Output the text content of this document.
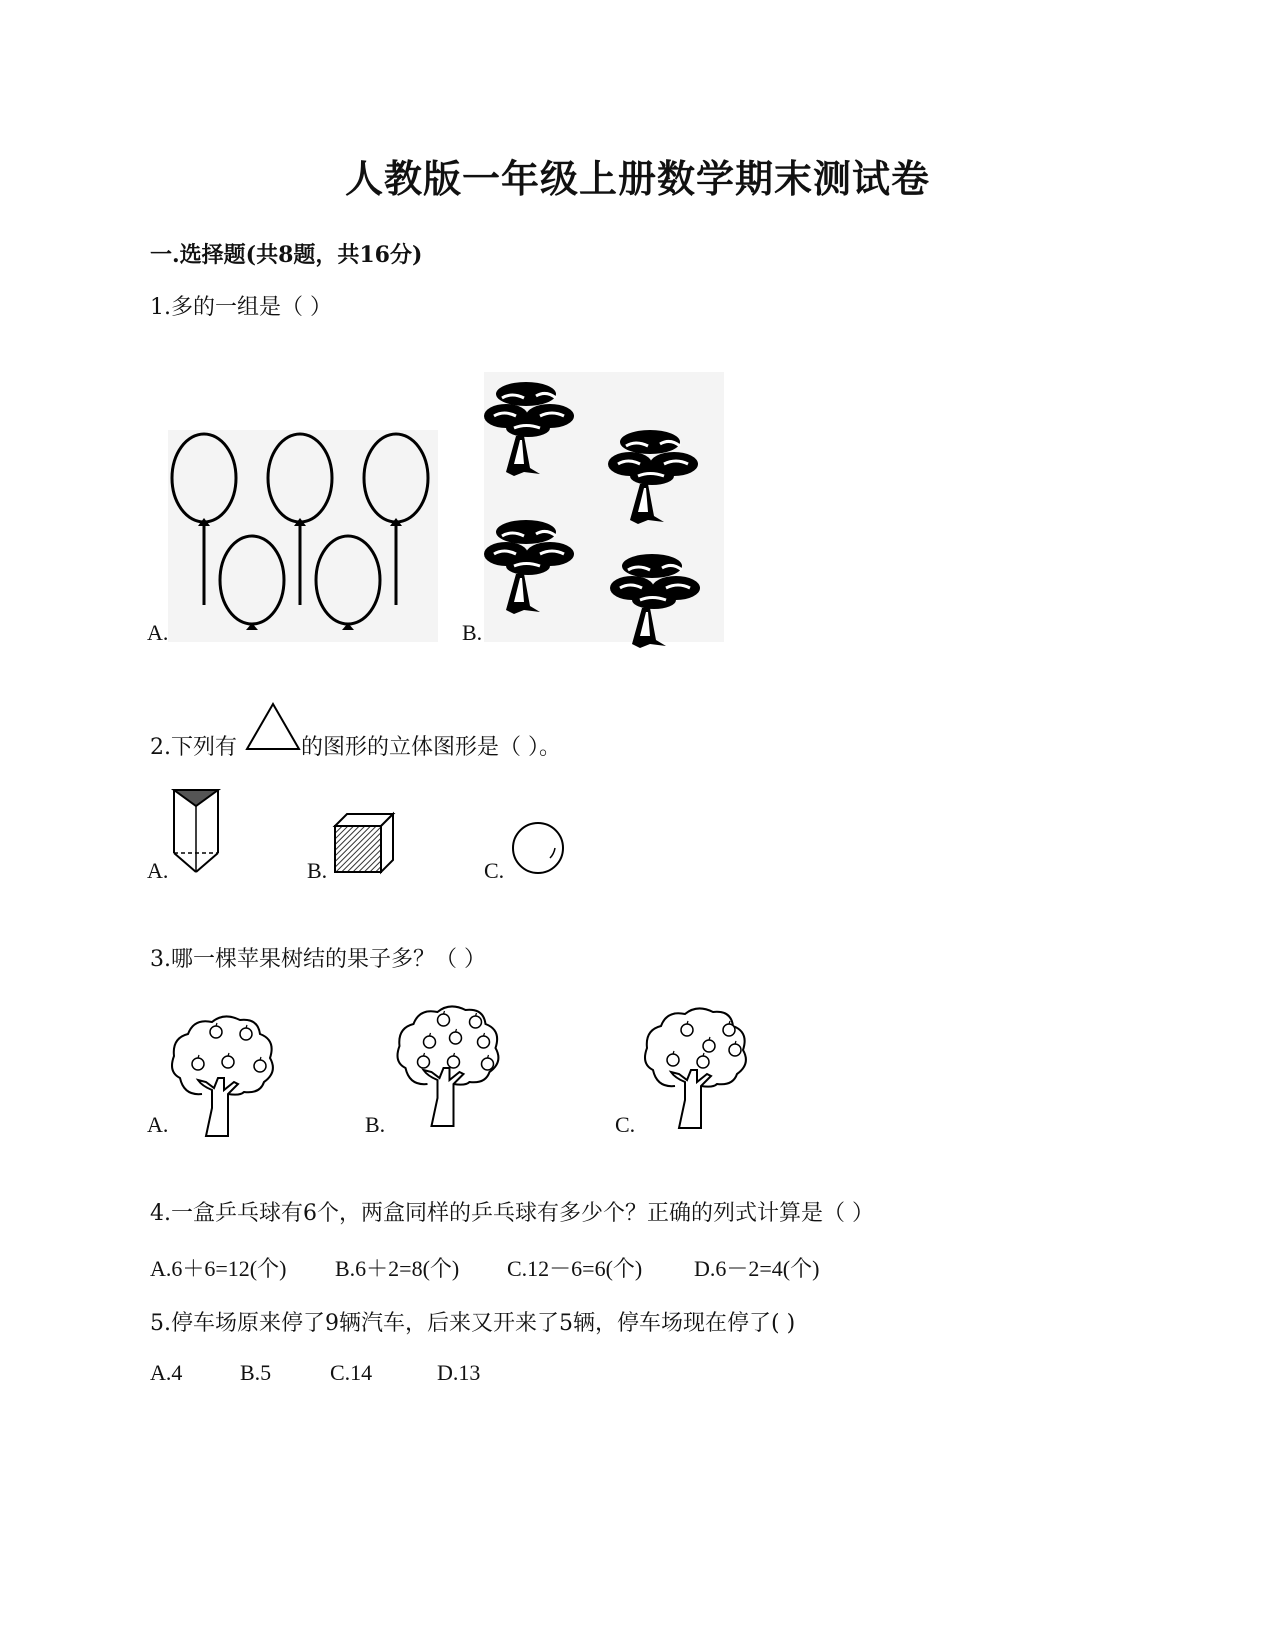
人教版一年级上册数学期末测试卷
一.选择题(共8题，共16分)
1.多的一组是（ ）
A.	B.
2.下列有	的图形的立体图形是（ ）。
A.	B.	C.
3.哪一棵苹果树结的果子多？（ ）
A.	B.	C.
4.一盒乒乓球有6个，两盒同样的乒乓球有多少个？正确的列式计算是（ ）
A.6＋6=12(个) B.6＋2=8(个) C.12－6=6(个) D.6－2=4(个)
5.停车场原来停了9辆汽车，后来又开来了5辆，停车场现在停了( )
A.4	B.5	C.14	D.13
